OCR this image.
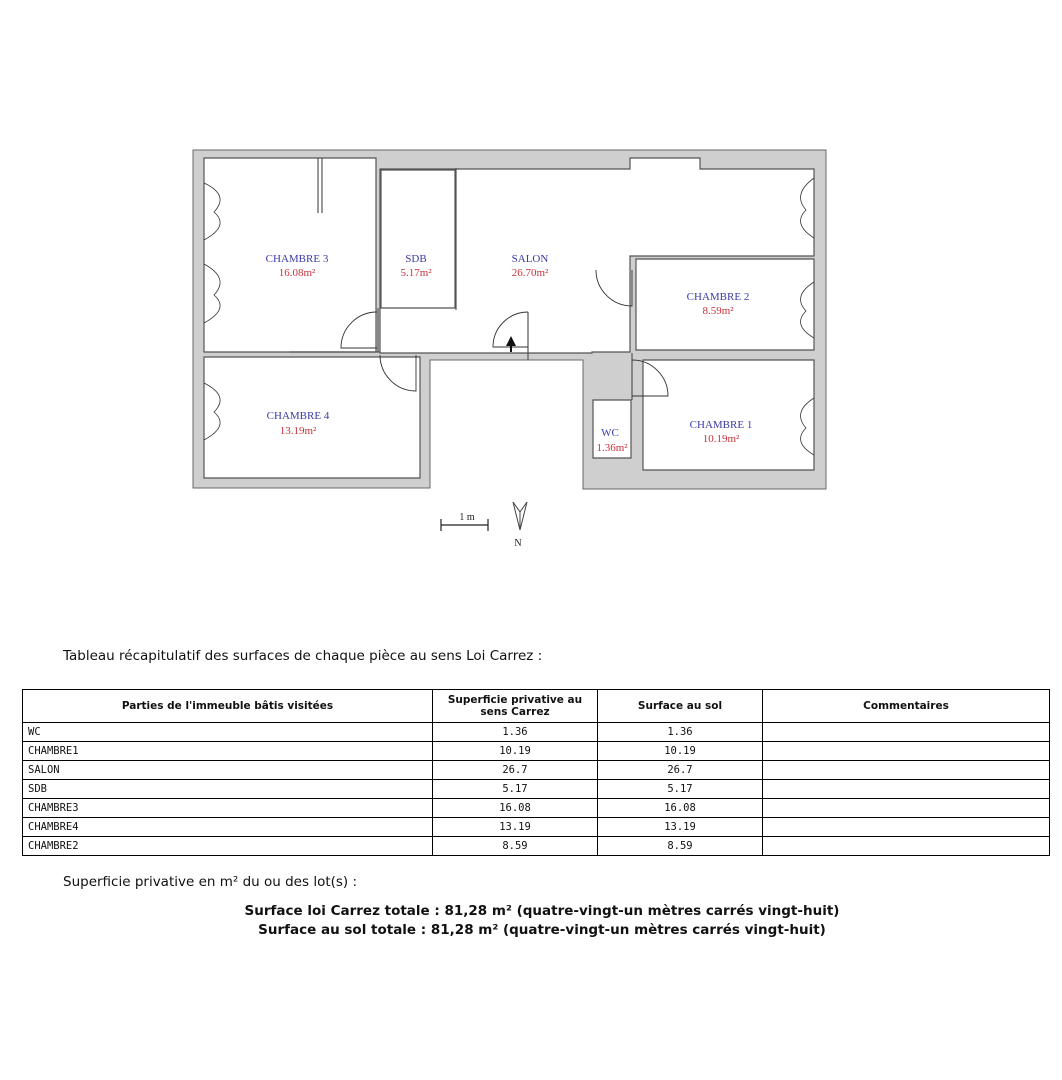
CHAMBRE 3
16.08m²
SDB
5.17m²
SALON
26.70m²
CHAMBRE 2
8.59m²
CHAMBRE 4
13.19m²	WC
1.36m²
CHAMBRE 1
10.19m²
1 m
N

Tableau récapitulatif des surfaces de chaque pièce au sens Loi Carrez :

Parties de l'immeuble bâtis visitées	Superficie privative au sens Carrez	Surface au sol	Commentaires
WC	1.36	1.36	
CHAMBRE1	10.19	10.19	
SALON	26.7	26.7	
SDB	5.17	5.17	
CHAMBRE3	16.08	16.08	
CHAMBRE4	13.19	13.19	
CHAMBRE2	8.59	8.59	

Superficie privative en m² du ou des lot(s) :

Surface loi Carrez totale : 81,28 m² (quatre-vingt-un mètres carrés vingt-huit)

Surface au sol totale : 81,28 m² (quatre-vingt-un mètres carrés vingt-huit)
